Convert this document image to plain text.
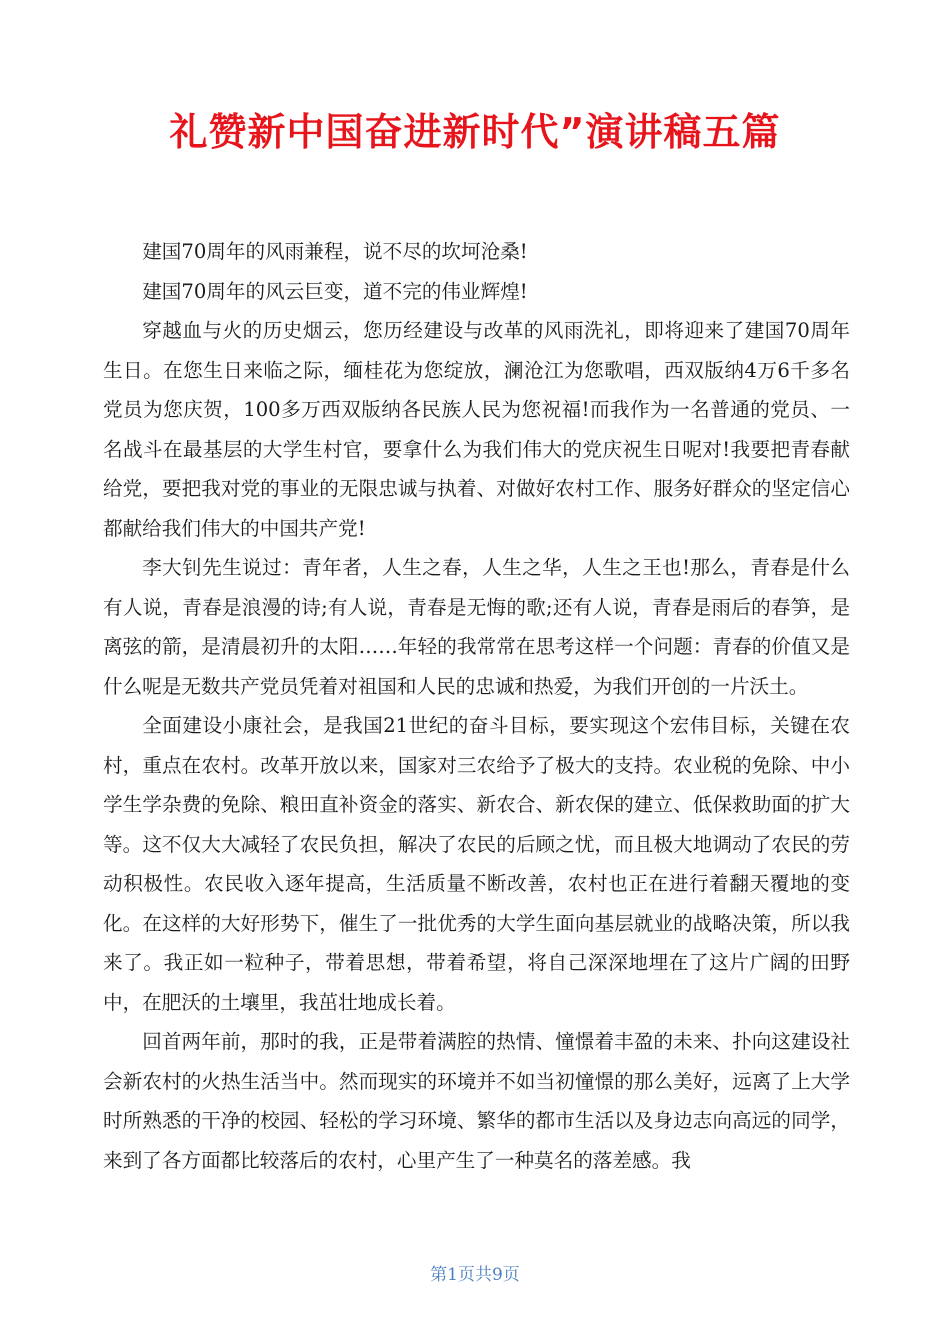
礼赞新中国奋进新时代”演讲稿五篇

建国70周年的风雨兼程，说不尽的坎坷沧桑!

建国70周年的风云巨变，道不完的伟业辉煌!

穿越血与火的历史烟云，您历经建设与改革的风雨洗礼，即将迎来了建国70周年生日。在您生日来临之际，缅桂花为您绽放，澜沧江为您歌唱，西双版纳4万6千多名党员为您庆贺，100多万西双版纳各民族人民为您祝福!而我作为一名普通的党员、一名战斗在最基层的大学生村官，要拿什么为我们伟大的党庆祝生日呢对!我要把青春献给党，要把我对党的事业的无限忠诚与执着、对做好农村工作、服务好群众的坚定信心都献给我们伟大的中国共产党!

李大钊先生说过：青年者，人生之春，人生之华，人生之王也!那么，青春是什么有人说，青春是浪漫的诗;有人说，青春是无悔的歌;还有人说，青春是雨后的春笋，是离弦的箭，是清晨初升的太阳……年轻的我常常在思考这样一个问题：青春的价值又是什么呢是无数共产党员凭着对祖国和人民的忠诚和热爱，为我们开创的一片沃土。

全面建设小康社会，是我国21世纪的奋斗目标，要实现这个宏伟目标，关键在农村，重点在农村。改革开放以来，国家对三农给予了极大的支持。农业税的免除、中小学生学杂费的免除、粮田直补资金的落实、新农合、新农保的建立、低保救助面的扩大等。这不仅大大减轻了农民负担，解决了农民的后顾之忧，而且极大地调动了农民的劳动积极性。农民收入逐年提高，生活质量不断改善，农村也正在进行着翻天覆地的变化。在这样的大好形势下，催生了一批优秀的大学生面向基层就业的战略决策，所以我来了。我正如一粒种子，带着思想，带着希望，将自己深深地埋在了这片广阔的田野中，在肥沃的土壤里，我茁壮地成长着。

回首两年前，那时的我，正是带着满腔的热情、憧憬着丰盈的未来、扑向这建设社会新农村的火热生活当中。然而现实的环境并不如当初憧憬的那么美好，远离了上大学时所熟悉的干净的校园、轻松的学习环境、繁华的都市生活以及身边志向高远的同学，来到了各方面都比较落后的农村，心里产生了一种莫名的落差感。我

第1页共9页
